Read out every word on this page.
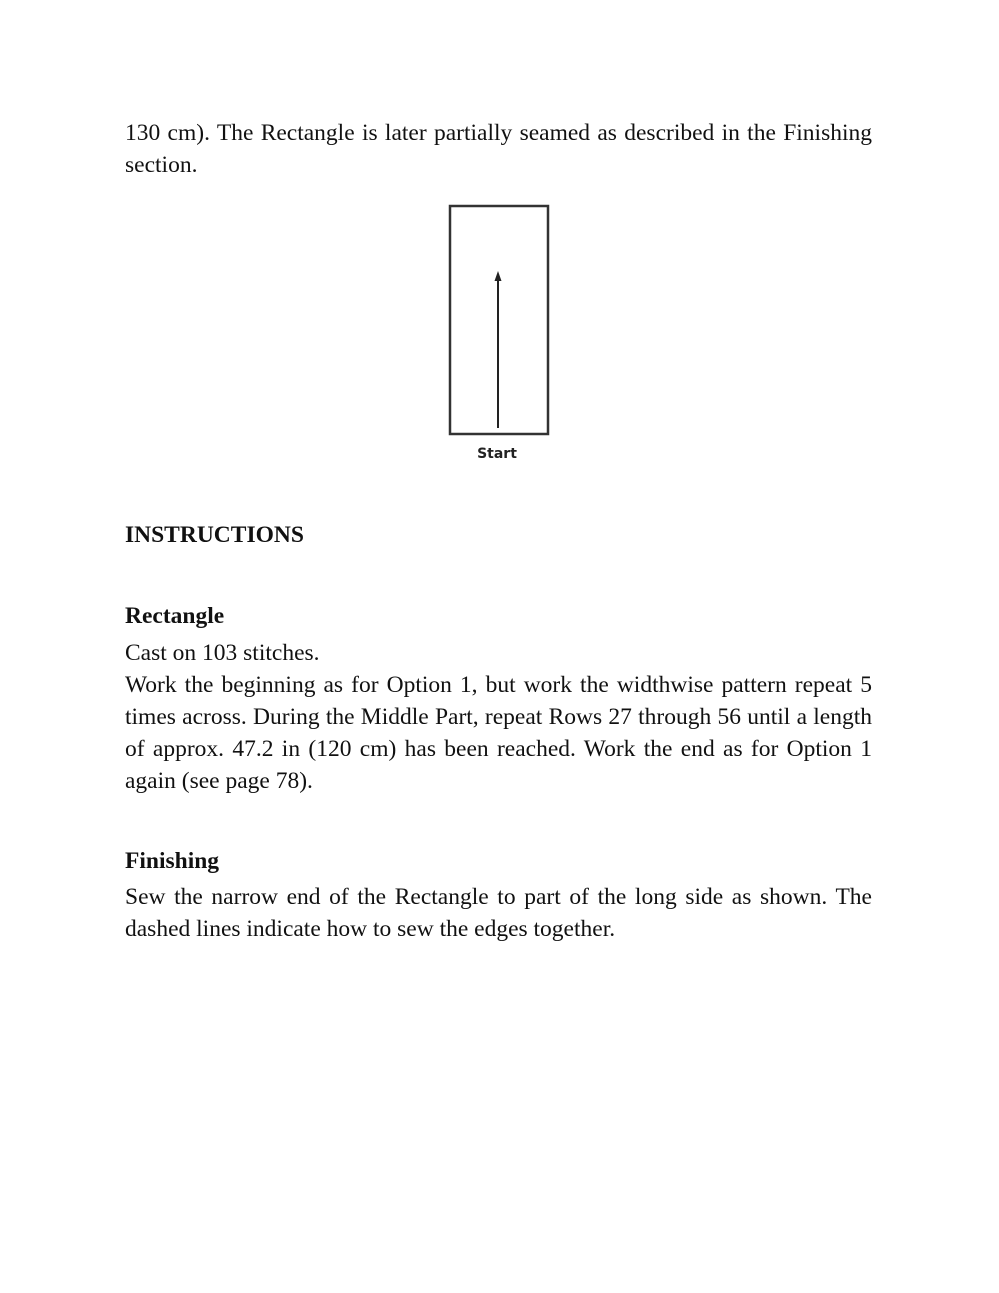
130 cm). The Rectangle is later partially seamed as described in the Finishing section.

Start
INSTRUCTIONS
Rectangle
Cast on 103 stitches.
Work the beginning as for Option 1, but work the widthwise pattern repeat 5 times across. During the Middle Part, repeat Rows 27 through 56 until a length of approx. 47.2 in (120 cm) has been reached. Work the end as for Option 1 again (see page 78).
Finishing

Sew the narrow end of the Rectangle to part of the long side as shown. The dashed lines indicate how to sew the edges together.
